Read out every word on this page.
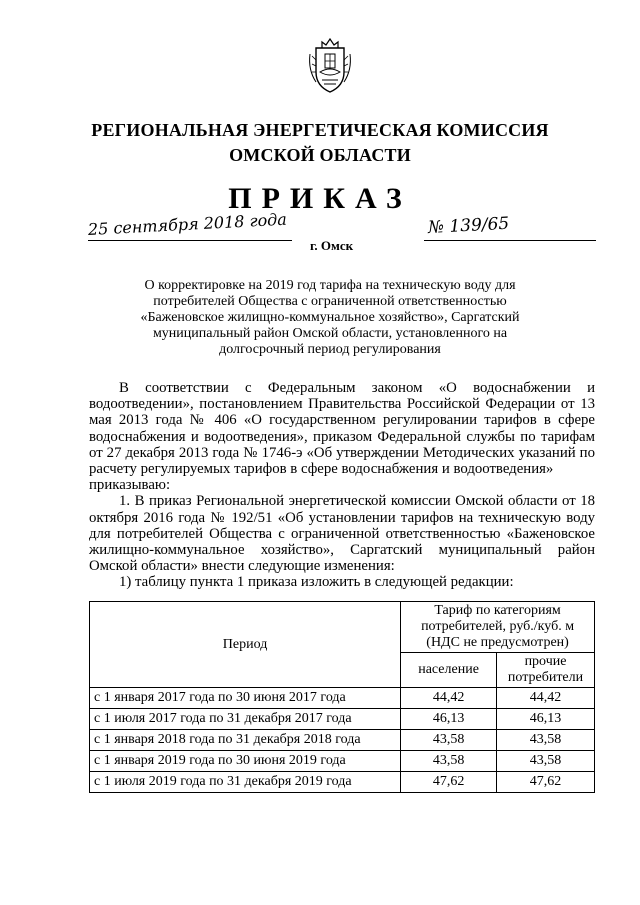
РЕГИОНАЛЬНАЯ ЭНЕРГЕТИЧЕСКАЯ КОМИССИЯ
ОМСКОЙ ОБЛАСТИ
ПРИКАЗ
25 сентября 2018 года
г. Омск
№ 139/65
О корректировке на 2019 год тарифа на техническую воду для потребителей Общества с ограниченной ответственностью «Баженовское жилищно-коммунальное хозяйство», Саргатский муниципальный район Омской области, установленного на долгосрочный период регулирования

В соответствии с Федеральным законом «О водоснабжении и водоотведении», постановлением Правительства Российской Федерации от 13 мая 2013 года № 406 «О государственном регулировании тарифов в сфере водоснабжения и водоотведения», приказом Федеральной службы по тарифам от 27 декабря 2013 года № 1746-э «Об утверждении Методических указаний по расчету регулируемых тарифов в сфере водоснабжения и водоотведения»

приказываю:

1. В приказ Региональной энергетической комиссии Омской области от 18 октября 2016 года № 192/51 «Об установлении тарифов на техническую воду для потребителей Общества с ограниченной ответственностью «Баженовское жилищно-коммунальное хозяйство», Саргатский муниципальный район Омской области» внести следующие изменения:

1) таблицу пункта 1 приказа изложить в следующей редакции:

Период	Тариф по категориям потребителей, руб./куб. м (НДС не предусмотрен)	
	население	прочие потребители
с 1 января 2017 года по 30 июня 2017 года	44,42	44,42
с 1 июля 2017 года по 31 декабря 2017 года	46,13	46,13
с 1 января 2018 года по 31 декабря 2018 года	43,58	43,58
с 1 января 2019 года по 30 июня 2019 года	43,58	43,58
с 1 июля 2019 года по 31 декабря 2019 года	47,62	47,62
